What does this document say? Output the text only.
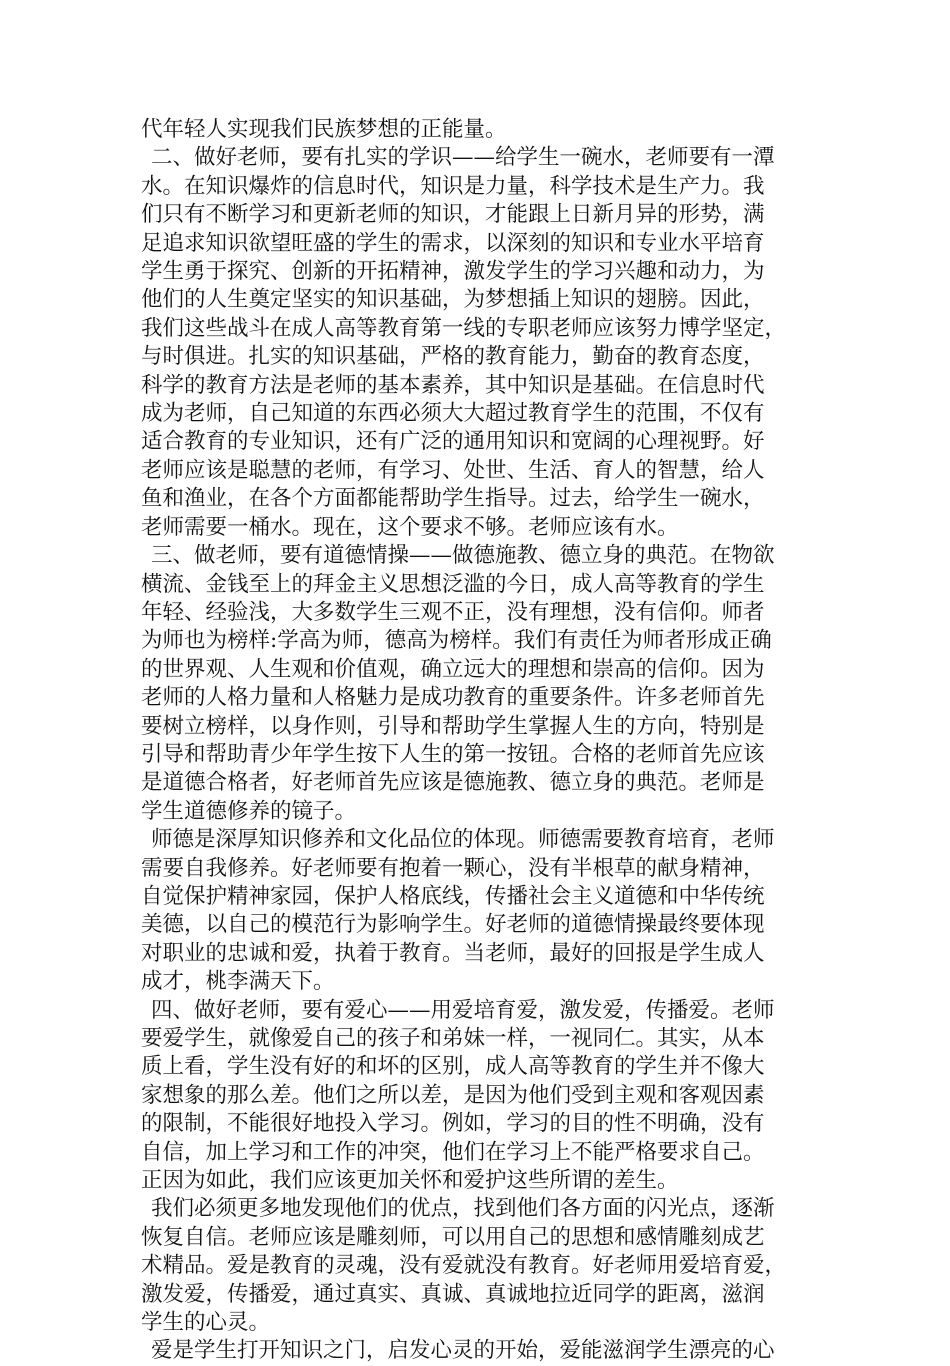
代年轻人实现我们民族梦想的正能量。
二、做好老师，要有扎实的学识——给学生一碗水，老师要有一潭
水。在知识爆炸的信息时代，知识是力量，科学技术是生产力。我
们只有不断学习和更新老师的知识，才能跟上日新月异的形势，满
足追求知识欲望旺盛的学生的需求，以深刻的知识和专业水平培育
学生勇于探究、创新的开拓精神，激发学生的学习兴趣和动力，为
他们的人生奠定坚实的知识基础，为梦想插上知识的翅膀。因此，
我们这些战斗在成人高等教育第一线的专职老师应该努力博学坚定，
与时俱进。扎实的知识基础，严格的教育能力，勤奋的教育态度，
科学的教育方法是老师的基本素养，其中知识是基础。在信息时代
成为老师，自己知道的东西必须大大超过教育学生的范围，不仅有
适合教育的专业知识，还有广泛的通用知识和宽阔的心理视野。好
老师应该是聪慧的老师，有学习、处世、生活、育人的智慧，给人
鱼和渔业，在各个方面都能帮助学生指导。过去，给学生一碗水，
老师需要一桶水。现在，这个要求不够。老师应该有水。
三、做老师，要有道德情操——做德施教、德立身的典范。在物欲
横流、金钱至上的拜金主义思想泛滥的今日，成人高等教育的学生
年轻、经验浅，大多数学生三观不正，没有理想，没有信仰。师者
为师也为榜样:学高为师，德高为榜样。我们有责任为师者形成正确
的世界观、人生观和价值观，确立远大的理想和崇高的信仰。因为
老师的人格力量和人格魅力是成功教育的重要条件。许多老师首先
要树立榜样，以身作则，引导和帮助学生掌握人生的方向，特别是
引导和帮助青少年学生按下人生的第一按钮。合格的老师首先应该
是道德合格者，好老师首先应该是德施教、德立身的典范。老师是
学生道德修养的镜子。
师德是深厚知识修养和文化品位的体现。师德需要教育培育，老师
需要自我修养。好老师要有抱着一颗心，没有半根草的献身精神，
自觉保护精神家园，保护人格底线，传播社会主义道德和中华传统
美德，以自己的模范行为影响学生。好老师的道德情操最终要体现
对职业的忠诚和爱，执着于教育。当老师，最好的回报是学生成人
成才，桃李满天下。
四、做好老师，要有爱心——用爱培育爱，激发爱，传播爱。老师
要爱学生，就像爱自己的孩子和弟妹一样，一视同仁。其实，从本
质上看，学生没有好的和坏的区别，成人高等教育的学生并不像大
家想象的那么差。他们之所以差，是因为他们受到主观和客观因素
的限制，不能很好地投入学习。例如，学习的目的性不明确，没有
自信，加上学习和工作的冲突，他们在学习上不能严格要求自己。
正因为如此，我们应该更加关怀和爱护这些所谓的差生。
我们必须更多地发现他们的优点，找到他们各方面的闪光点，逐渐
恢复自信。老师应该是雕刻师，可以用自己的思想和感情雕刻成艺
术精品。爱是教育的灵魂，没有爱就没有教育。好老师用爱培育爱，
激发爱，传播爱，通过真实、真诚、真诚地拉近同学的距离，滋润
学生的心灵。
爱是学生打开知识之门，启发心灵的开始，爱能滋润学生漂亮的心
